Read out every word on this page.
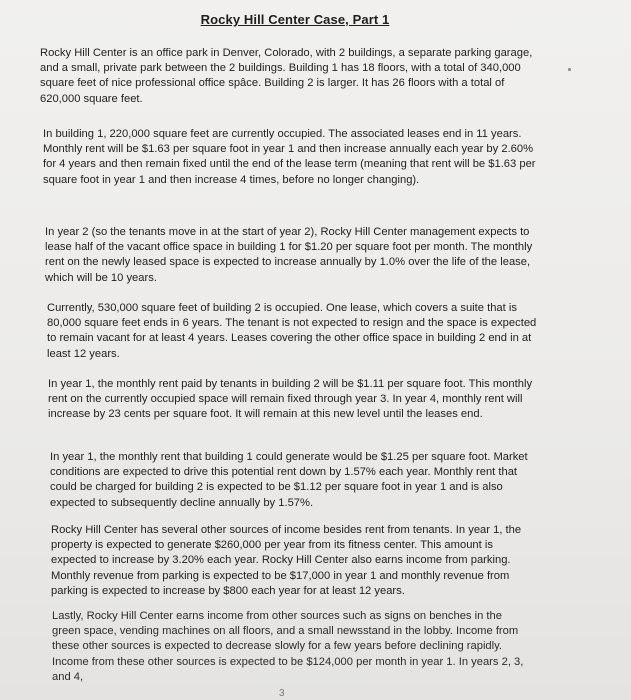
Rocky Hill Center Case, Part 1

Rocky Hill Center is an office park in Denver, Colorado, with 2 buildings, a separate parking garage, and a small, private park between the 2 buildings. Building 1 has 18 floors, with a total of 340,000 square feet of nice professional office spâce. Building 2 is larger. It has 26 floors with a total of 620,000 square feet.

In building 1, 220,000 square feet are currently occupied. The associated leases end in 11 years. Monthly rent will be $1.63 per square foot in year 1 and then increase annually each year by 2.60% for 4 years and then remain fixed until the end of the lease term (meaning that rent will be $1.63 per square foot in year 1 and then increase 4 times, before no longer changing).

In year 2 (so the tenants move in at the start of year 2), Rocky Hill Center management expects to lease half of the vacant office space in building 1 for $1.20 per square foot per month. The monthly rent on the newly leased space is expected to increase annually by 1.0% over the life of the lease, which will be 10 years.

Currently, 530,000 square feet of building 2 is occupied. One lease, which covers a suite that is 80,000 square feet ends in 6 years. The tenant is not expected to resign and the space is expected to remain vacant for at least 4 years. Leases covering the other office space in building 2 end in at least 12 years.

In year 1, the monthly rent paid by tenants in building 2 will be $1.11 per square foot. This monthly rent on the currently occupied space will remain fixed through year 3. In year 4, monthly rent will increase by 23 cents per square foot. It will remain at this new level until the leases end.

In year 1, the monthly rent that building 1 could generate would be $1.25 per square foot. Market conditions are expected to drive this potential rent down by 1.57% each year. Monthly rent that could be charged for building 2 is expected to be $1.12 per square foot in year 1 and is also expected to subsequently decline annually by 1.57%.

Rocky Hill Center has several other sources of income besides rent from tenants. In year 1, the property is expected to generate $260,000 per year from its fitness center. This amount is expected to increase by 3.20% each year. Rocky Hill Center also earns income from parking. Monthly revenue from parking is expected to be $17,000 in year 1 and monthly revenue from parking is expected to increase by $800 each year for at least 12 years.

Lastly, Rocky Hill Center earns income from other sources such as signs on benches in the green space, vending machines on all floors, and a small newsstand in the lobby. Income from these other sources is expected to decrease slowly for a few years before declining rapidly. Income from these other sources is expected to be $124,000 per month in year 1. In years 2, 3, and 4,

3
